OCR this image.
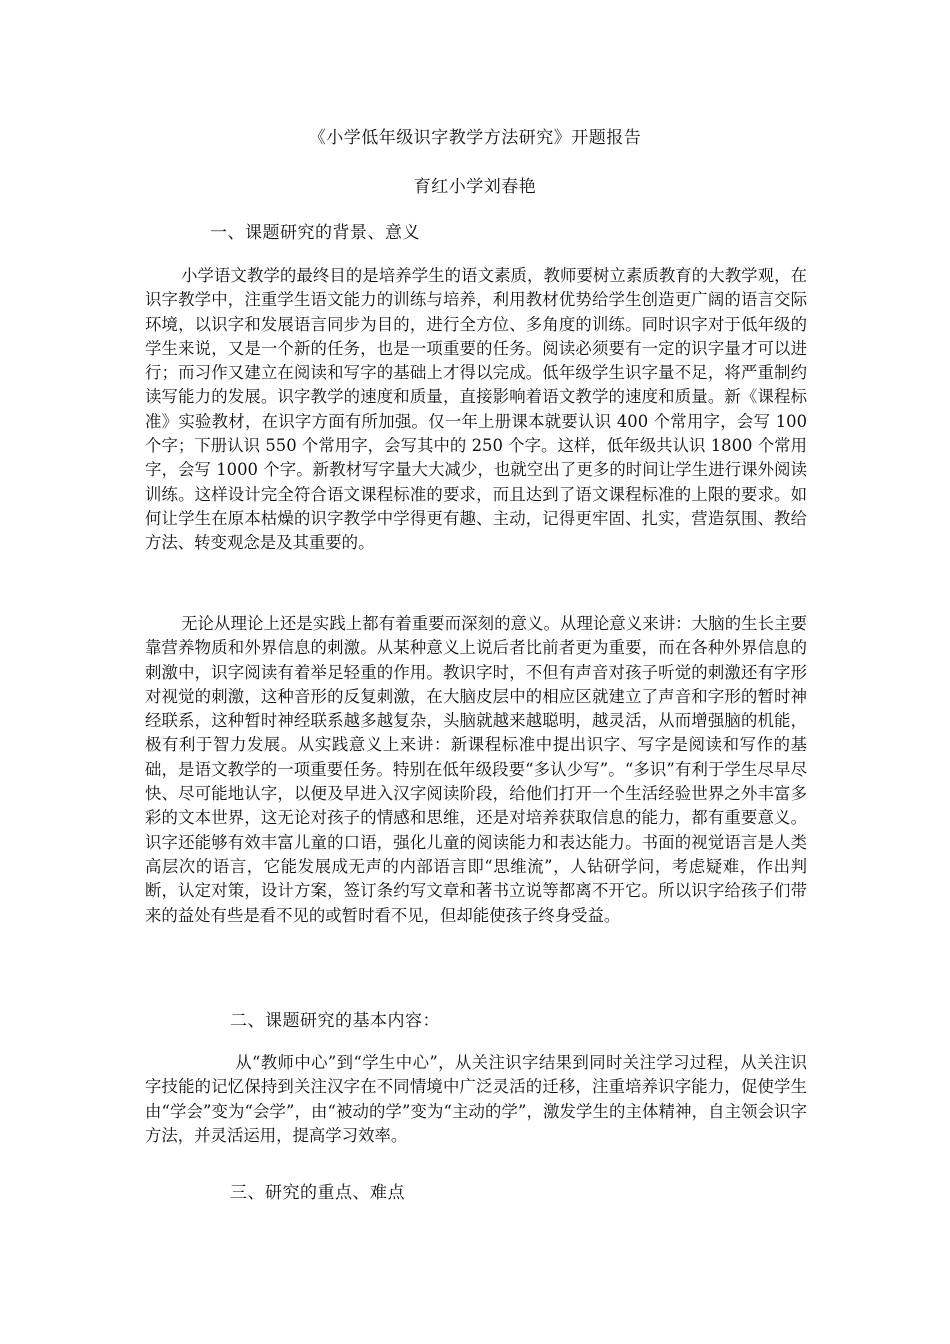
《小学低年级识字教学方法研究》开题报告
育红小学刘春艳
一、课题研究的背景、意义
小学语文教学的最终目的是培养学生的语文素质，教师要树立素质教育的大教学观，在识字教学中，注重学生语文能力的训练与培养，利用教材优势给学生创造更广阔的语言交际环境，以识字和发展语言同步为目的，进行全方位、多角度的训练。同时识字对于低年级的学生来说，又是一个新的任务，也是一项重要的任务。阅读必须要有一定的识字量才可以进行；而习作又建立在阅读和写字的基础上才得以完成。低年级学生识字量不足，将严重制约读写能力的发展。识字教学的速度和质量，直接影响着语文教学的速度和质量。新《课程标准》实验教材，在识字方面有所加强。仅一年上册课本就要认识 400 个常用字，会写 100 个字；下册认识 550 个常用字，会写其中的 250 个字。这样，低年级共认识 1800 个常用字，会写 1000 个字。新教材写字量大大减少，也就空出了更多的时间让学生进行课外阅读训练。这样设计完全符合语文课程标准的要求，而且达到了语文课程标准的上限的要求。如何让学生在原本枯燥的识字教学中学得更有趣、主动，记得更牢固、扎实，营造氛围、教给方法、转变观念是及其重要的。
无论从理论上还是实践上都有着重要而深刻的意义。从理论意义来讲：大脑的生长主要靠营养物质和外界信息的刺激。从某种意义上说后者比前者更为重要，而在各种外界信息的刺激中，识字阅读有着举足轻重的作用。教识字时，不但有声音对孩子听觉的刺激还有字形对视觉的刺激，这种音形的反复刺激，在大脑皮层中的相应区就建立了声音和字形的暂时神经联系，这种暂时神经联系越多越复杂，头脑就越来越聪明，越灵活，从而增强脑的机能，极有利于智力发展。从实践意义上来讲：新课程标准中提出识字、写字是阅读和写作的基础，是语文教学的一项重要任务。特别在低年级段要“多认少写”。“多识”有利于学生尽早尽快、尽可能地认字，以便及早进入汉字阅读阶段，给他们打开一个生活经验世界之外丰富多彩的文本世界，这无论对孩子的情感和思维，还是对培养获取信息的能力，都有重要意义。识字还能够有效丰富儿童的口语，强化儿童的阅读能力和表达能力。书面的视觉语言是人类高层次的语言，它能发展成无声的内部语言即“思维流”，人钻研学问，考虑疑难，作出判断，认定对策，设计方案，签订条约写文章和著书立说等都离不开它。所以识字给孩子们带来的益处有些是看不见的或暂时看不见，但却能使孩子终身受益。
二、课题研究的基本内容：
从“教师中心”到“学生中心”，从关注识字结果到同时关注学习过程，从关注识字技能的记忆保持到关注汉字在不同情境中广泛灵活的迁移，注重培养识字能力，促使学生由“学会”变为“会学”，由“被动的学”变为“主动的学”，激发学生的主体精神，自主领会识字方法，并灵活运用，提高学习效率。
三、研究的重点、难点
